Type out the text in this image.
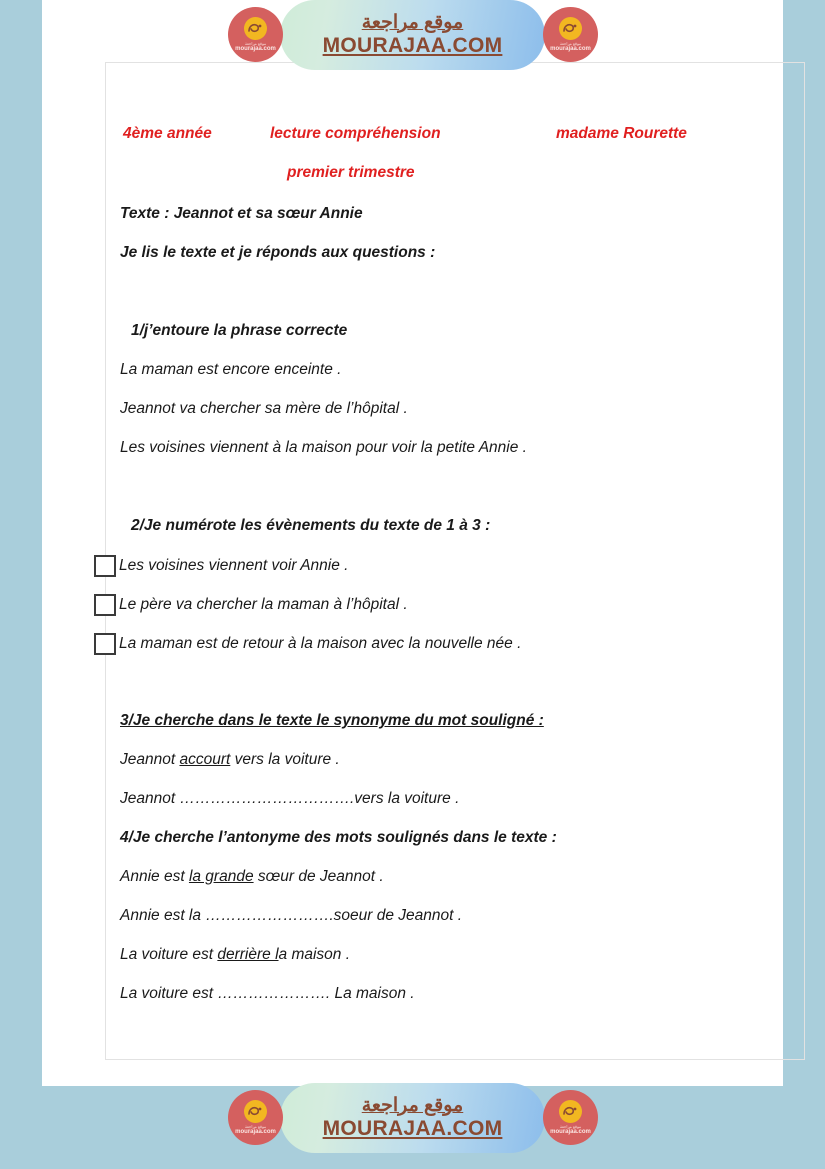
4ème année	lecture compréhension	madame Rourette
premier trimestre
Texte : Jeannot et sa sœur Annie
Je lis le texte et je réponds aux questions :
1/j’entoure la phrase correcte
La maman est encore enceinte .
Jeannot va chercher sa mère de l’hôpital .
Les voisines viennent à la maison pour voir la petite Annie .
2/Je numérote les évènements du texte de 1 à 3 :
Les voisines viennent voir Annie .
Le père va chercher la maman à l’hôpital .
La maman est de retour à la maison avec la nouvelle née .
3/Je cherche dans le texte le synonyme du mot souligné :
Jeannot accourt vers la voiture .
Jeannot …………………………….vers la voiture .
4/Je cherche l’antonyme des mots soulignés dans le texte :
Annie est la grande sœur de Jeannot .
Annie est la …………………….soeur de Jeannot .
La voiture est derrière la maison .
La voiture est …………………. La maison .
موقع مراجعة
MOURAJAA.COM
موقع مراجعة
mourajaa.com
موقع مراجعة
mourajaa.com
موقع مراجعة
MOURAJAA.COM
موقع مراجعة
mourajaa.com
موقع مراجعة
mourajaa.com
